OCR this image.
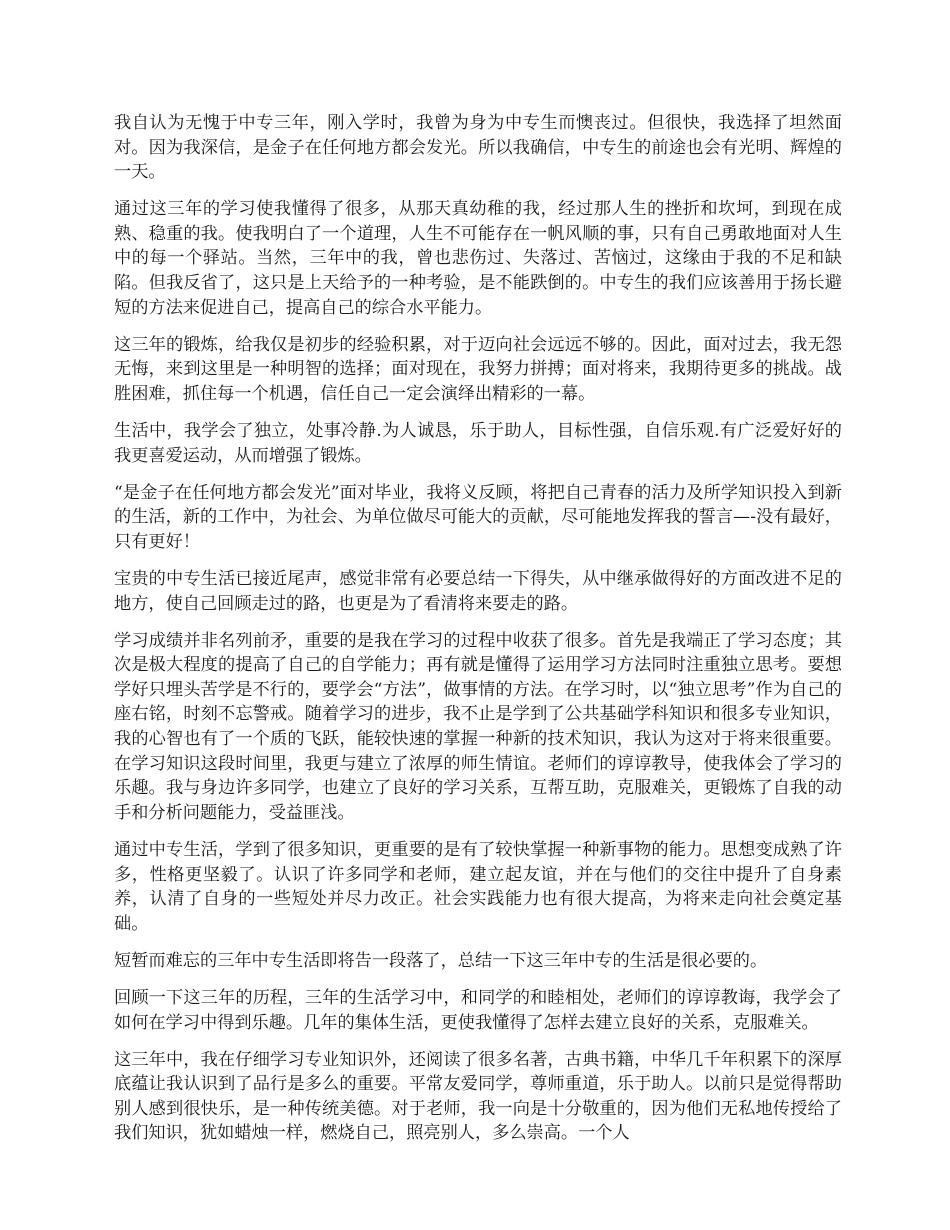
我自认为无愧于中专三年，刚入学时，我曾为身为中专生而懊丧过。但很快，我选择了坦然面对。因为我深信，是金子在任何地方都会发光。所以我确信，中专生的前途也会有光明、辉煌的一天。

通过这三年的学习使我懂得了很多，从那天真幼稚的我，经过那人生的挫折和坎坷，到现在成熟、稳重的我。使我明白了一个道理，人生不可能存在一帆风顺的事，只有自己勇敢地面对人生中的每一个驿站。当然，三年中的我，曾也悲伤过、失落过、苦恼过，这缘由于我的不足和缺陷。但我反省了，这只是上天给予的一种考验，是不能跌倒的。中专生的我们应该善用于扬长避短的方法来促进自己，提高自己的综合水平能力。

这三年的锻炼，给我仅是初步的经验积累，对于迈向社会远远不够的。因此，面对过去，我无怨无悔，来到这里是一种明智的选择；面对现在，我努力拼搏；面对将来，我期待更多的挑战。战胜困难，抓住每一个机遇，信任自己一定会演绎出精彩的一幕。

生活中，我学会了独立，处事冷静.为人诚恳，乐于助人，目标性强，自信乐观.有广泛爱好好的我更喜爱运动，从而增强了锻炼。

“是金子在任何地方都会发光”面对毕业，我将义反顾，将把自己青春的活力及所学知识投入到新的生活，新的工作中，为社会、为单位做尽可能大的贡献，尽可能地发挥我的誓言—-没有最好，只有更好！

宝贵的中专生活已接近尾声，感觉非常有必要总结一下得失，从中继承做得好的方面改进不足的地方，使自己回顾走过的路，也更是为了看清将来要走的路。

学习成绩并非名列前矛，重要的是我在学习的过程中收获了很多。首先是我端正了学习态度；其次是极大程度的提高了自己的自学能力；再有就是懂得了运用学习方法同时注重独立思考。要想学好只埋头苦学是不行的，要学会“方法”，做事情的方法。在学习时，以“独立思考”作为自己的座右铭，时刻不忘警戒。随着学习的进步，我不止是学到了公共基础学科知识和很多专业知识，我的心智也有了一个质的飞跃，能较快速的掌握一种新的技术知识，我认为这对于将来很重要。在学习知识这段时间里，我更与建立了浓厚的师生情谊。老师们的谆谆教导，使我体会了学习的乐趣。我与身边许多同学，也建立了良好的学习关系，互帮互助，克服难关，更锻炼了自我的动手和分析问题能力，受益匪浅。

通过中专生活，学到了很多知识，更重要的是有了较快掌握一种新事物的能力。思想变成熟了许多，性格更坚毅了。认识了许多同学和老师，建立起友谊，并在与他们的交往中提升了自身素养，认清了自身的一些短处并尽力改正。社会实践能力也有很大提高，为将来走向社会奠定基础。

短暂而难忘的三年中专生活即将告一段落了，总结一下这三年中专的生活是很必要的。

回顾一下这三年的历程，三年的生活学习中，和同学的和睦相处，老师们的谆谆教诲，我学会了如何在学习中得到乐趣。几年的集体生活，更使我懂得了怎样去建立良好的关系，克服难关。

这三年中，我在仔细学习专业知识外，还阅读了很多名著，古典书籍，中华几千年积累下的深厚底蕴让我认识到了品行是多么的重要。平常友爱同学，尊师重道，乐于助人。以前只是觉得帮助别人感到很快乐，是一种传统美德。对于老师，我一向是十分敬重的，因为他们无私地传授给了我们知识，犹如蜡烛一样，燃烧自己，照亮别人，多么崇高。一个人
